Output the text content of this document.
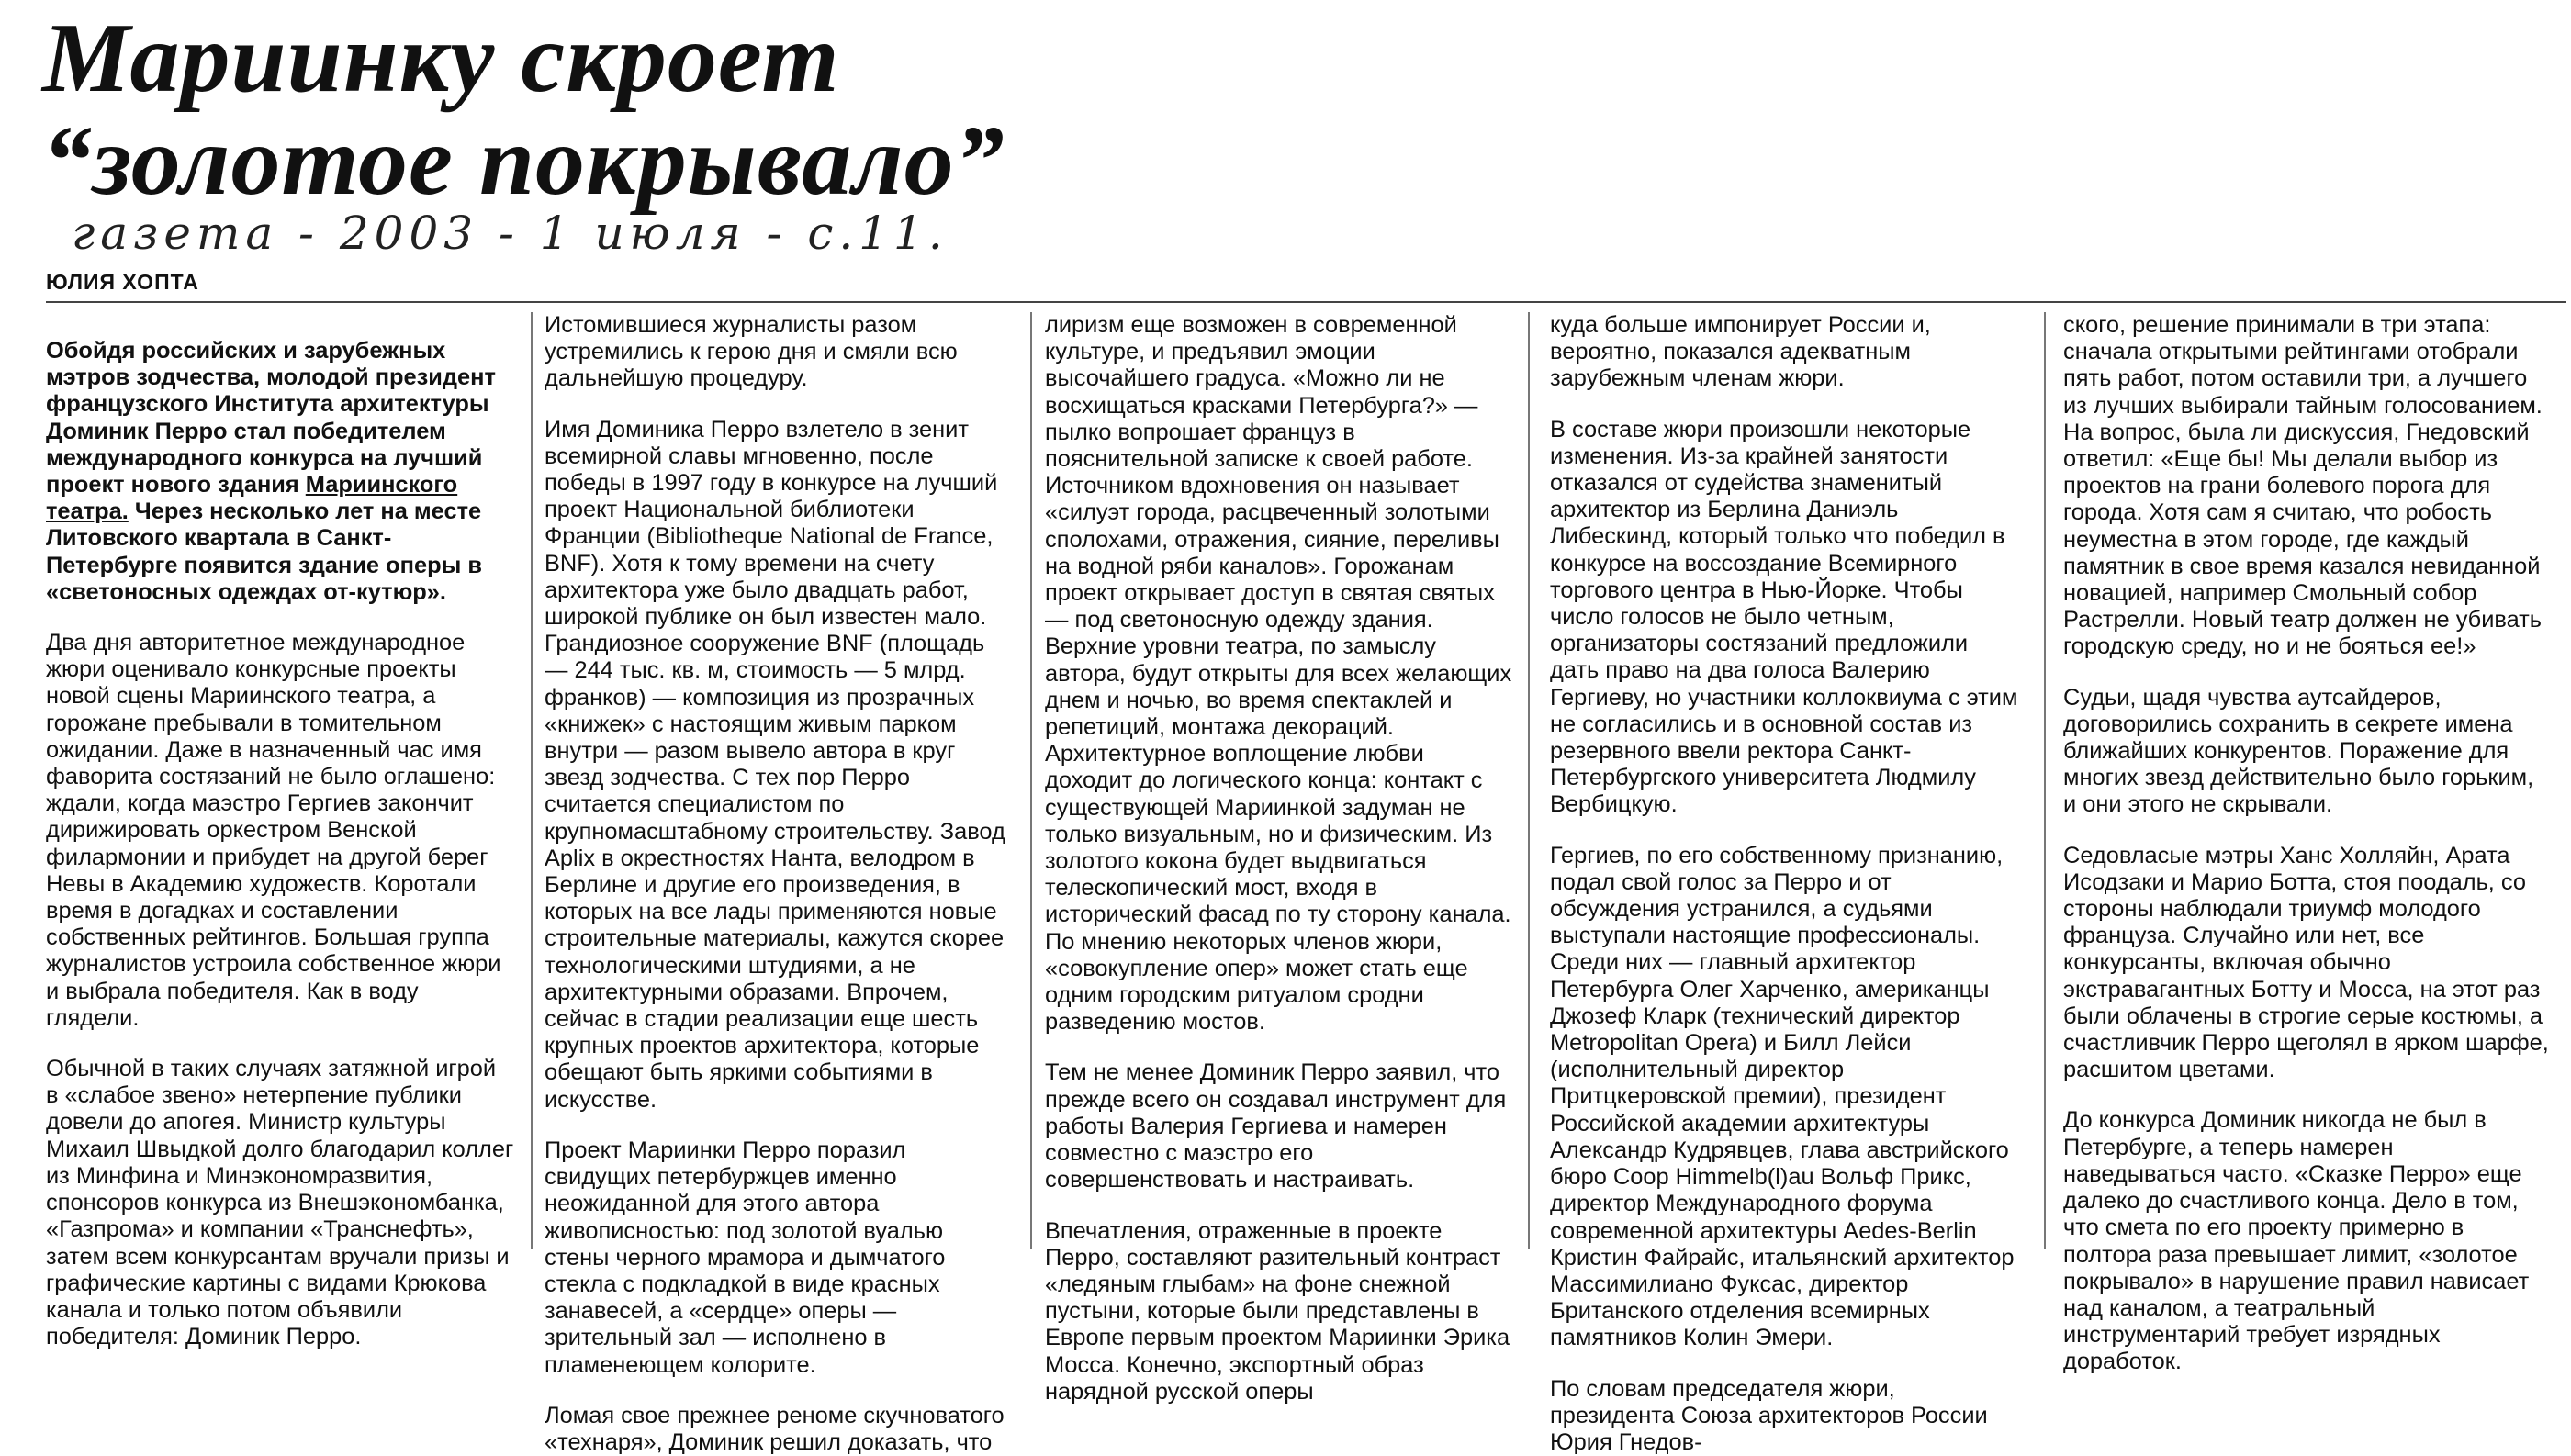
Мариинку скроет
“золотое покрывало”
газета - 2003 - 1 июля - с.11.
ЮЛИЯ ХОПТА

Обойдя российских и зарубежных мэтров зодчества, молодой президент французского Института архитектуры Доминик Перро стал победителем международного конкурса на лучший проект нового здания Мариинского театра. Через несколько лет на месте Литовского квартала в Санкт-Петербурге появится здание оперы в «светоносных одеждах от-кутюр».

Два дня авторитетное международное жюри оценивало конкурсные проекты новой сцены Мариинского театра, а горожане пребывали в томительном ожидании. Даже в назначенный час имя фаворита состязаний не было оглашено: ждали, когда маэстро Гергиев закончит дирижировать оркестром Венской филармонии и прибудет на другой берег Невы в Академию художеств. Коротали время в догадках и составлении собственных рейтингов. Большая группа журналистов устроила собственное жюри и выбрала победителя. Как в воду глядели.

Обычной в таких случаях затяжной игрой в «слабое звено» нетерпение публики довели до апогея. Министр культуры Михаил Швыдкой долго благодарил коллег из Минфина и Минэкономразвития, спонсоров конкурса из Внешэкономбанка, «Газпрома» и компании «Транснефть», затем всем конкурсантам вручали призы и графические картины с видами Крюкова канала и только потом объявили победителя: Доминик Перро.

Истомившиеся журналисты разом устремились к герою дня и смяли всю дальнейшую процедуру.

Имя Доминика Перро взлетело в зенит всемирной славы мгновенно, после победы в 1997 году в конкурсе на лучший проект Национальной библиотеки Франции (Bibliotheque National de France, BNF). Хотя к тому времени на счету архитектора уже было двадцать работ, широкой публике он был известен мало. Грандиозное сооружение BNF (площадь — 244 тыс. кв. м, стоимость — 5 млрд. франков) — композиция из прозрачных «книжек» с настоящим живым парком внутри — разом вывело автора в круг звезд зодчества. С тех пор Перро считается специалистом по крупномасштабному строительству. Завод Aplix в окрестностях Нанта, велодром в Берлине и другие его произведения, в которых на все лады применяются новые строительные материалы, кажутся скорее технологическими штудиями, а не архитектурными образами. Впрочем, сейчас в стадии реализации еще шесть крупных проектов архитектора, которые обещают быть яркими событиями в искусстве.

Проект Мариинки Перро поразил свидущих петербуржцев именно неожиданной для этого автора живописностью: под золотой вуалью стены черного мрамора и дымчатого стекла с подкладкой в виде красных занавесей, а «сердце» оперы — зрительный зал — исполнено в пламенеющем колорите.

Ломая свое прежнее реноме скучноватого «технаря», Доминик решил доказать, что

лиризм еще возможен в современной культуре, и предъявил эмоции высочайшего градуса. «Можно ли не восхищаться красками Петербурга?» — пылко вопрошает француз в пояснительной записке к своей работе. Источником вдохновения он называет «силуэт города, расцвеченный золотыми сполохами, отражения, сияние, переливы на водной ряби каналов». Горожанам проект открывает доступ в святая святых — под светоносную одежду здания. Верхние уровни театра, по замыслу автора, будут открыты для всех желающих днем и ночью, во время спектаклей и репетиций, монтажа декораций. Архитектурное воплощение любви доходит до логического конца: контакт с существующей Мариинкой задуман не только визуальным, но и физическим. Из золотого кокона будет выдвигаться телескопический мост, входя в исторический фасад по ту сторону канала. По мнению некоторых членов жюри, «совокупление опер» может стать еще одним городским ритуалом сродни разведению мостов.

Тем не менее Доминик Перро заявил, что прежде всего он создавал инструмент для работы Валерия Гергиева и намерен совместно с маэстро его совершенствовать и настраивать.

Впечатления, отраженные в проекте Перро, составляют разительный контраст «ледяным глыбам» на фоне снежной пустыни, которые были представлены в Европе первым проектом Мариинки Эрика Мосса. Конечно, экспортный образ нарядной русской оперы

куда больше импонирует России и, вероятно, показался адекватным зарубежным членам жюри.

В составе жюри произошли некоторые изменения. Из-за крайней занятости отказался от судейства знаменитый архитектор из Берлина Даниэль Либескинд, который только что победил в конкурсе на воссоздание Всемирного торгового центра в Нью-Йорке. Чтобы число голосов не было четным, организаторы состязаний предложили дать право на два голоса Валерию Гергиеву, но участники коллоквиума с этим не согласились и в основной состав из резервного ввели ректора Санкт-Петербургского университета Людмилу Вербицкую.

Гергиев, по его собственному признанию, подал свой голос за Перро и от обсуждения устранился, а судьями выступали настоящие профессионалы. Среди них — главный архитектор Петербурга Олег Харченко, американцы Джозеф Кларк (технический директор Metropolitan Opera) и Билл Лейси (исполнительный директор Притцкеровской премии), президент Российской академии архитектуры Александр Кудрявцев, глава австрийского бюро Coop Himmelb(l)au Вольф Прикс, директор Международного форума современной архитектуры Aedes-Berlin Кристин Файрайс, итальянский архитектор Массимилиано Фуксас, директор Британского отделения всемирных памятников Колин Эмери.

По словам председателя жюри, президента Союза архитекторов России Юрия Гнедов-

ского, решение принимали в три этапа: сначала открытыми рейтингами отобрали пять работ, потом оставили три, а лучшего из лучших выбирали тайным голосованием. На вопрос, была ли дискуссия, Гнедовский ответил: «Еще бы! Мы делали выбор из проектов на грани болевого порога для города. Хотя сам я считаю, что робость неуместна в этом городе, где каждый памятник в свое время казался невиданной новацией, например Смольный собор Растрелли. Новый театр должен не убивать городскую среду, но и не бояться ее!»

Судьи, щадя чувства аутсайдеров, договорились сохранить в секрете имена ближайших конкурентов. Поражение для многих звезд действительно было горьким, и они этого не скрывали.

Седовласые мэтры Ханс Холляйн, Арата Исодзаки и Марио Ботта, стоя поодаль, со стороны наблюдали триумф молодого француза. Случайно или нет, все конкурсанты, включая обычно экстравагантных Ботту и Мосса, на этот раз были облачены в строгие серые костюмы, а счастливчик Перро щеголял в ярком шарфе, расшитом цветами.

До конкурса Доминик никогда не был в Петербурге, а теперь намерен наведываться часто. «Сказке Перро» еще далеко до счастливого конца. Дело в том, что смета по его проекту примерно в полтора раза превышает лимит, «золотое покрывало» в нарушение правил нависает над каналом, а театральный инструментарий требует изрядных доработок.
